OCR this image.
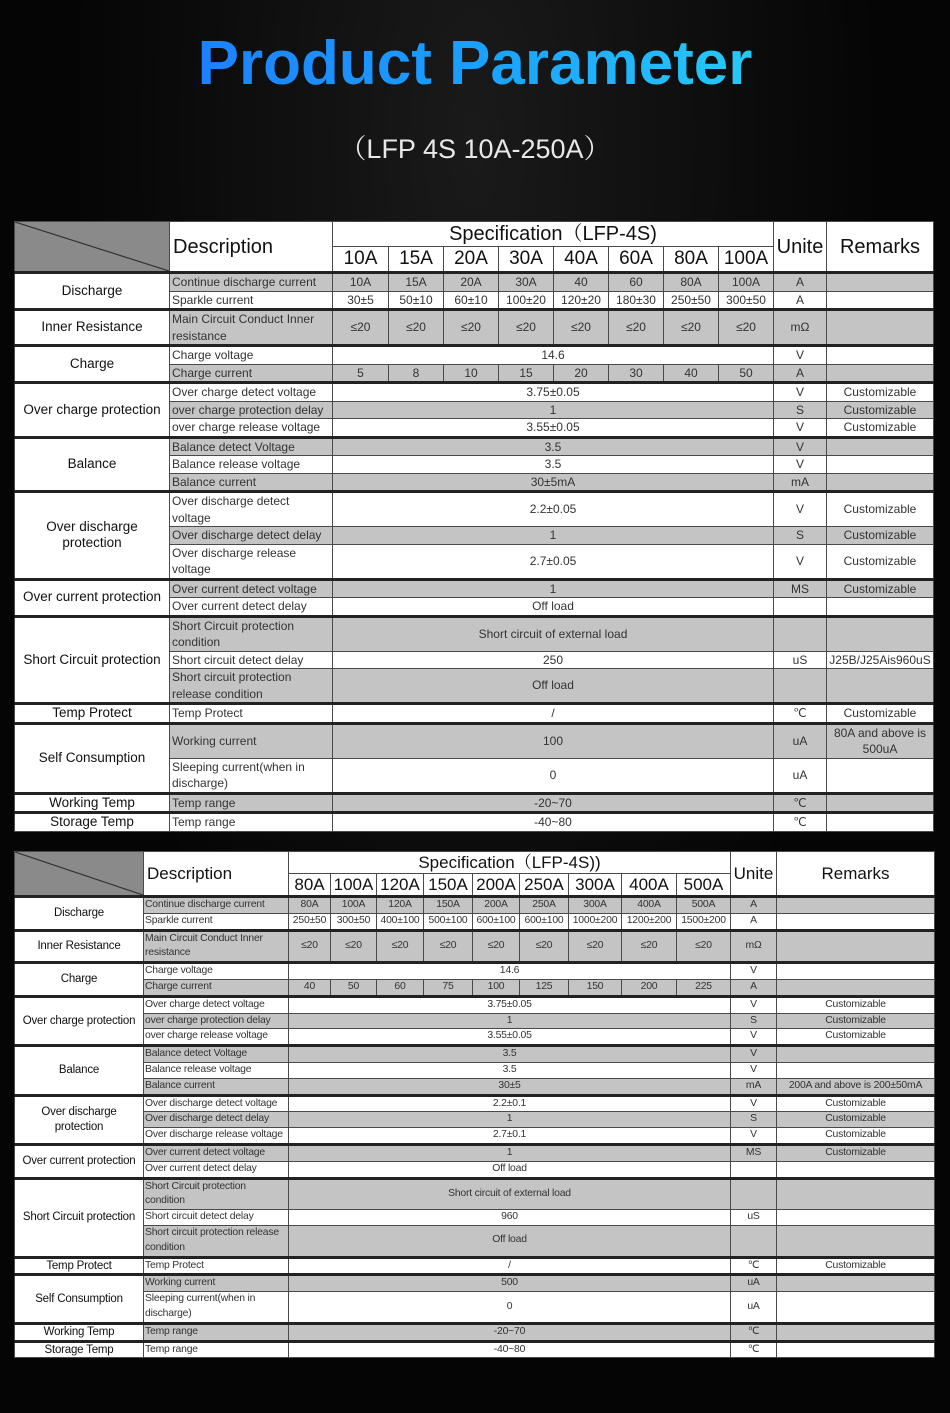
Product Parameter
（LFP 4S 10A-250A）
	Description	Specification（LFP-4S)								Unite	Remarks
		10A	15A	20A	30A	40A	60A	80A	100A		
Discharge	Continue discharge current	10A	15A	20A	30A	40	60	80A	100A	A	
	Sparkle current	30±5	50±10	60±10	100±20	120±20	180±30	250±50	300±50	A	
Inner Resistance	Main Circuit Conduct Inner resistance	≤20	≤20	≤20	≤20	≤20	≤20	≤20	≤20	mΩ	
Charge	Charge voltage	14.6								V	
	Charge current	5	8	10	15	20	30	40	50	A	
Over charge protection	Over charge detect voltage	3.75±0.05								V	Customizable
	over charge protection delay	1								S	Customizable
	over charge release voltage	3.55±0.05								V	Customizable
Balance	Balance detect Voltage	3.5								V	
	Balance release voltage	3.5								V	
	Balance current	30±5mA								mA	
Over discharge protection	Over discharge detect voltage	2.2±0.05								V	Customizable
	Over discharge detect delay	1								S	Customizable
	Over discharge release voltage	2.7±0.05								V	Customizable
Over current protection	Over current detect voltage	1								MS	Customizable
	Over current detect delay	Off load									
Short Circuit protection	Short Circuit protection condition	Short circuit of external load									
	Short circuit detect delay	250								uS	J25B/J25Ais960uS
	Short circuit protection release condition	Off load									
Temp Protect	Temp Protect	/								℃	Customizable
Self Consumption	Working current	100								uA	80A and above is 500uA
	Sleeping current(when in discharge)	0								uA	
Working Temp	Temp range	-20~70								℃	
Storage Temp	Temp range	-40~80								℃	
	Description	Specification（LFP-4S))									Unite	Remarks
		80A	100A	120A	150A	200A	250A	300A	400A	500A		
Discharge	Continue discharge current	80A	100A	120A	150A	200A	250A	300A	400A	500A	A	
	Sparkle current	250±50	300±50	400±100	500±100	600±100	600±100	1000±200	1200±200	1500±200	A	
Inner Resistance	Main Circuit Conduct Inner resistance	≤20	≤20	≤20	≤20	≤20	≤20	≤20	≤20	≤20	mΩ	
Charge	Charge voltage	14.6									V	
	Charge current	40	50	60	75	100	125	150	200	225	A	
Over charge protection	Over charge detect voltage	3.75±0.05									V	Customizable
	over charge protection delay	1									S	Customizable
	over charge release voltage	3.55±0.05									V	Customizable
Balance	Balance detect Voltage	3.5									V	
	Balance release voltage	3.5									V	
	Balance current	30±5									mA	200A and above is 200±50mA
Over discharge protection	Over discharge detect voltage	2.2±0.1									V	Customizable
	Over discharge detect delay	1									S	Customizable
	Over discharge release voltage	2.7±0.1									V	Customizable
Over current protection	Over current detect voltage	1									MS	Customizable
	Over current detect delay	Off load										
Short Circuit protection	Short Circuit protection condition	Short circuit of external load										
	Short circuit detect delay	960									uS	
	Short circuit protection release condition	Off load										
Temp Protect	Temp Protect	/									℃	Customizable
Self Consumption	Working current	500									uA	
	Sleeping current(when in discharge)	0									uA	
Working Temp	Temp range	-20~70									℃	
Storage Temp	Temp range	-40~80									℃	
